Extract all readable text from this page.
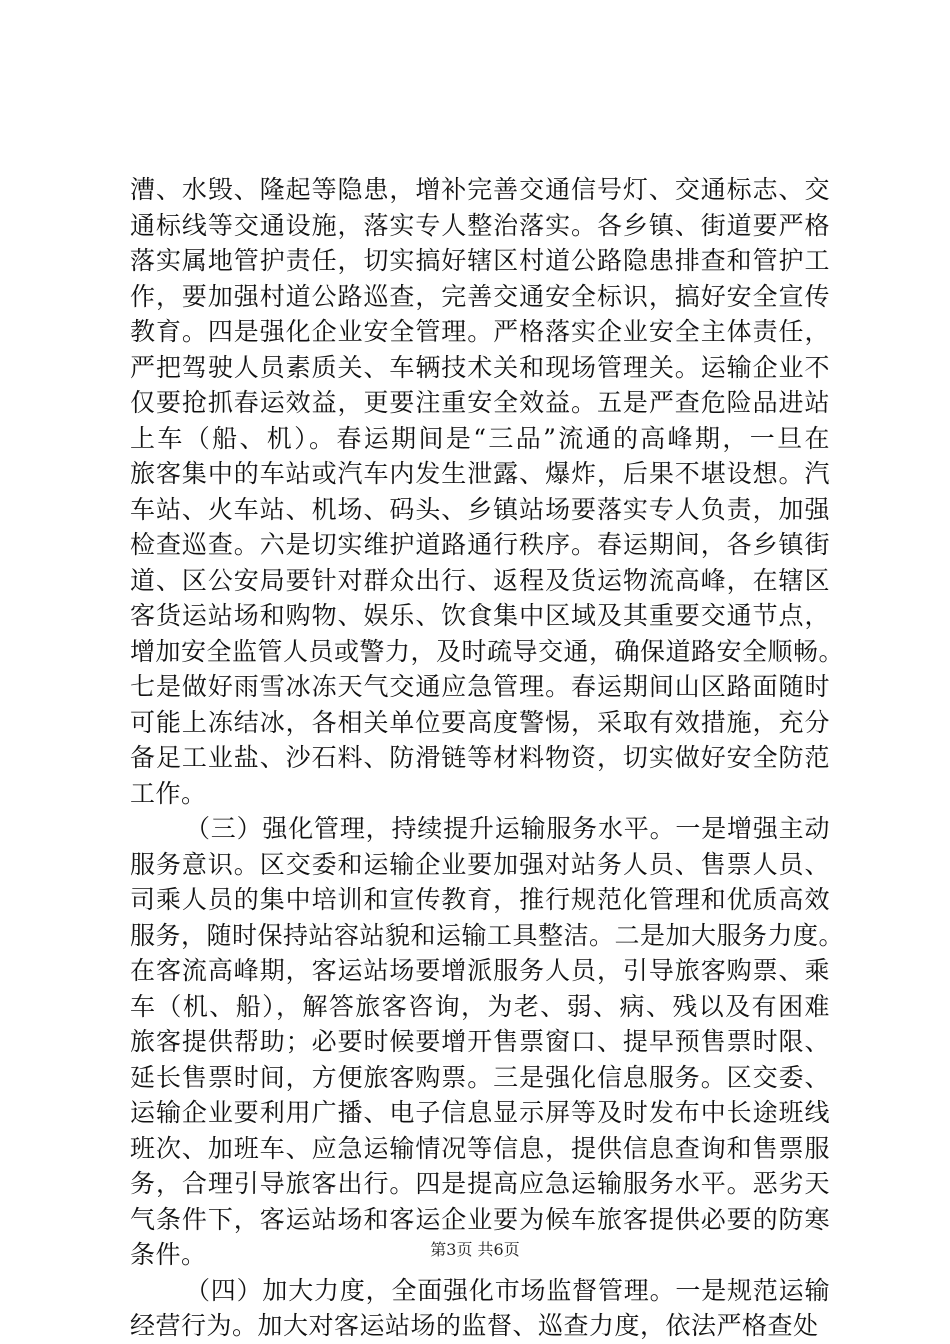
漕、水毁、隆起等隐患，增补完善交通信号灯、交通标志、交
通标线等交通设施，落实专人整治落实。各乡镇、街道要严格
落实属地管护责任，切实搞好辖区村道公路隐患排查和管护工
作，要加强村道公路巡查，完善交通安全标识，搞好安全宣传
教育。四是强化企业安全管理。严格落实企业安全主体责任，
严把驾驶人员素质关、车辆技术关和现场管理关。运输企业不
仅要抢抓春运效益，更要注重安全效益。五是严查危险品进站
上车（船、机）。春运期间是“三品”流通的高峰期，一旦在
旅客集中的车站或汽车内发生泄露、爆炸，后果不堪设想。汽
车站、火车站、机场、码头、乡镇站场要落实专人负责，加强
检查巡查。六是切实维护道路通行秩序。春运期间，各乡镇街
道、区公安局要针对群众出行、返程及货运物流高峰，在辖区
客货运站场和购物、娱乐、饮食集中区域及其重要交通节点，
增加安全监管人员或警力，及时疏导交通，确保道路安全顺畅。
七是做好雨雪冰冻天气交通应急管理。春运期间山区路面随时
可能上冻结冰，各相关单位要高度警惕，采取有效措施，充分
备足工业盐、沙石料、防滑链等材料物资，切实做好安全防范
工作。
（三）强化管理，持续提升运输服务水平。一是增强主动
服务意识。区交委和运输企业要加强对站务人员、售票人员、
司乘人员的集中培训和宣传教育，推行规范化管理和优质高效
服务，随时保持站容站貌和运输工具整洁。二是加大服务力度。
在客流高峰期，客运站场要增派服务人员，引导旅客购票、乘
车（机、船），解答旅客咨询，为老、弱、病、残以及有困难
旅客提供帮助；必要时候要增开售票窗口、提早预售票时限、
延长售票时间，方便旅客购票。三是强化信息服务。区交委、
运输企业要利用广播、电子信息显示屏等及时发布中长途班线
班次、加班车、应急运输情况等信息，提供信息查询和售票服
务，合理引导旅客出行。四是提高应急运输服务水平。恶劣天
气条件下，客运站场和客运企业要为候车旅客提供必要的防寒
条件。
（四）加大力度，全面强化市场监督管理。一是规范运输
经营行为。加大对客运站场的监督、巡查力度，依法严格查处
第3页 共6页
